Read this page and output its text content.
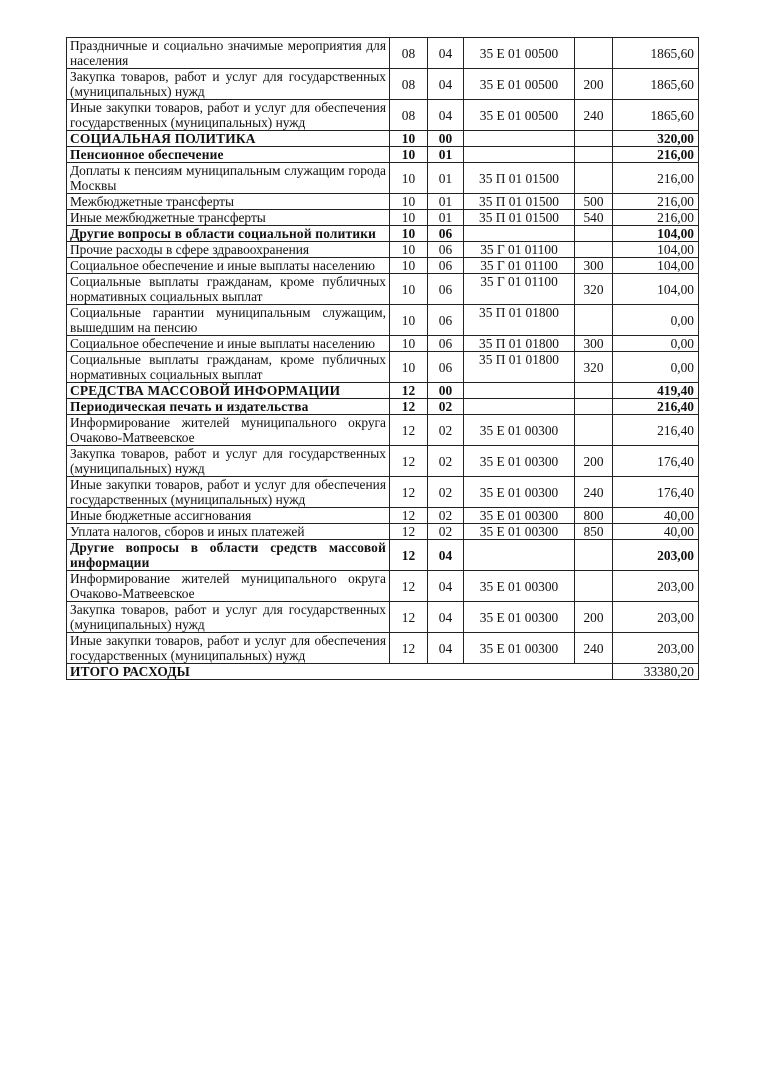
Праздничные и социально значимые мероприятия для населения	08	04	35 Е 01 00500		1865,60
Закупка товаров, работ и услуг для государственных (муниципальных) нужд	08	04	35 Е 01 00500	200	1865,60
Иные закупки товаров, работ и услуг для обеспечения государственных (муниципальных) нужд	08	04	35 Е 01 00500	240	1865,60
СОЦИАЛЬНАЯ ПОЛИТИКА	10	00			320,00
Пенсионное обеспечение	10	01			216,00
Доплаты к пенсиям муниципальным служащим города Москвы	10	01	35 П 01 01500		216,00
Межбюджетные трансферты	10	01	35 П 01 01500	500	216,00
Иные межбюджетные трансферты	10	01	35 П 01 01500	540	216,00
Другие вопросы в области социальной политики	10	06			104,00
Прочие расходы в сфере здравоохранения	10	06	35 Г 01 01100		104,00
Социальное обеспечение и иные выплаты населению	10	06	35 Г 01 01100	300	104,00
Социальные выплаты гражданам, кроме публичных нормативных социальных выплат	10	06	35 Г 01 01100	320	104,00
Социальные гарантии муниципальным служащим, вышедшим на пенсию	10	06	35 П 01 01800		0,00
Социальное обеспечение и иные выплаты населению	10	06	35 П 01 01800	300	0,00
Социальные выплаты гражданам, кроме публичных нормативных социальных выплат	10	06	35 П 01 01800	320	0,00
СРЕДСТВА МАССОВОЙ ИНФОРМАЦИИ	12	00			419,40
Периодическая печать и издательства	12	02			216,40
Информирование жителей муниципального округа Очаково-Матвеевское	12	02	35 Е 01 00300		216,40
Закупка товаров, работ и услуг для государственных (муниципальных) нужд	12	02	35 Е 01 00300	200	176,40
Иные закупки товаров, работ и услуг для обеспечения государственных (муниципальных) нужд	12	02	35 Е 01 00300	240	176,40
Иные бюджетные ассигнования	12	02	35 Е 01 00300	800	40,00
Уплата налогов, сборов и иных платежей	12	02	35 Е 01 00300	850	40,00
Другие вопросы в области средств массовой информации	12	04			203,00
Информирование жителей муниципального округа Очаково-Матвеевское	12	04	35 Е 01 00300		203,00
Закупка товаров, работ и услуг для государственных (муниципальных) нужд	12	04	35 Е 01 00300	200	203,00
Иные закупки товаров, работ и услуг для обеспечения государственных (муниципальных) нужд	12	04	35 Е 01 00300	240	203,00
ИТОГО РАСХОДЫ					33380,20
